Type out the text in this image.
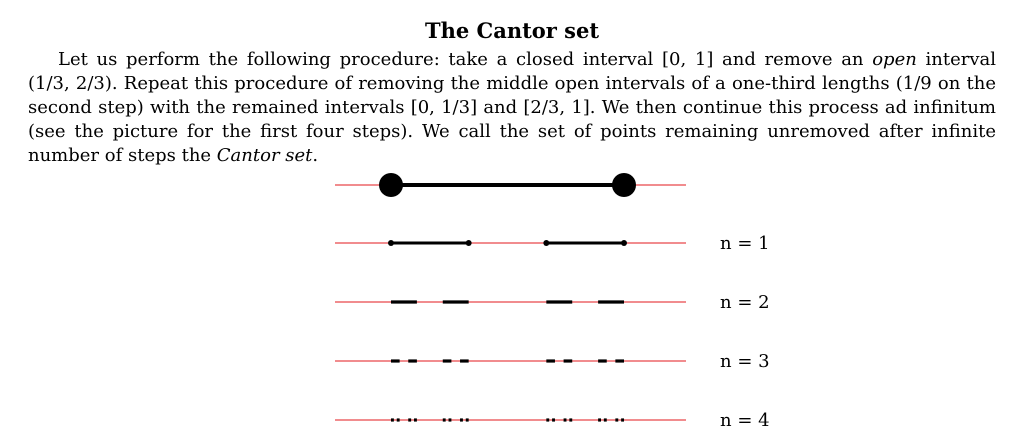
The Cantor set

Let us perform the following procedure: take a closed interval [0, 1] and remove an open interval (1/3, 2/3). Repeat this procedure of removing the middle open intervals of a one-third lengths (1/9 on the second step) with the remained intervals [0, 1/3] and [2/3, 1]. We then continue this process ad infinitum (see the picture for the first four steps). We call the set of points remaining unremoved after infinite number of steps the Cantor set.

n = 1
n = 2
n = 3
n = 4
